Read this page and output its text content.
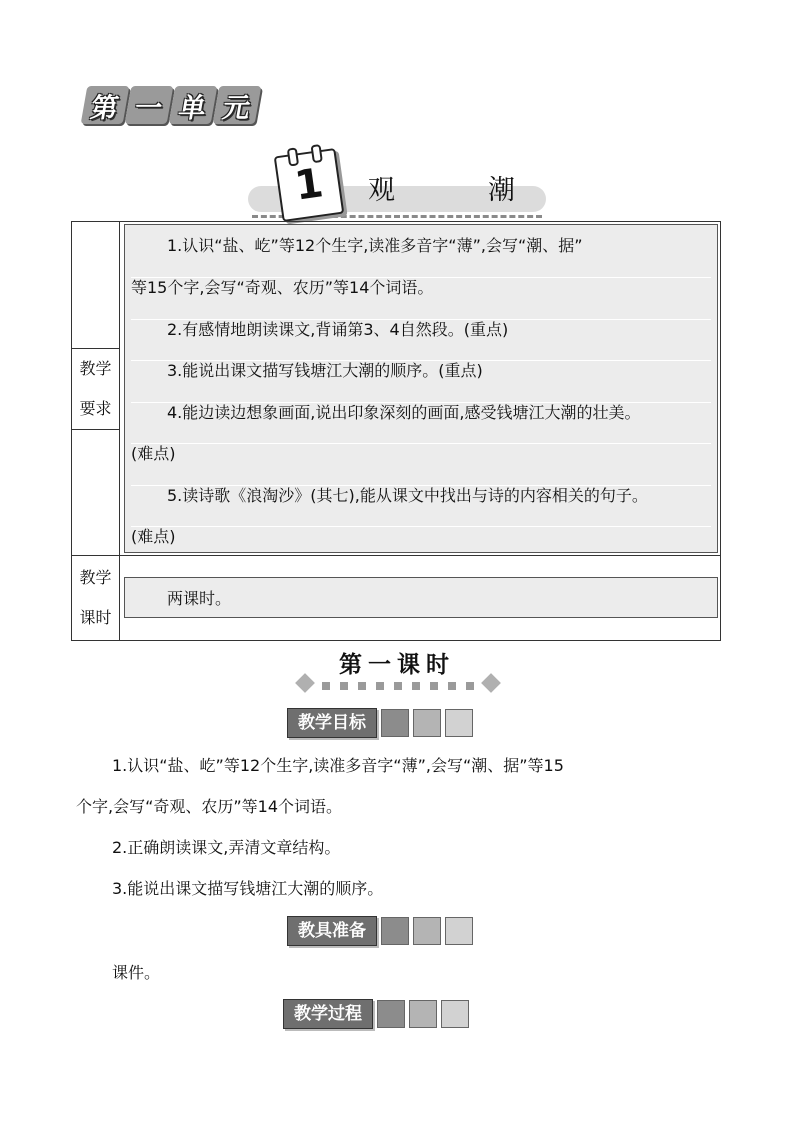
第 一 单 元
1	观	潮
教学
要求
1.认识“盐、屹”等12个生字,读准多音字“薄”,会写“潮、据”
等15个字,会写“奇观、农历”等14个词语。
2.有感情地朗读课文,背诵第3、4自然段。(重点)
3.能说出课文描写钱塘江大潮的顺序。(重点)
4.能边读边想象画面,说出印象深刻的画面,感受钱塘江大潮的壮美。
(难点)
5.读诗歌《浪淘沙》(其七),能从课文中找出与诗的内容相关的句子。
(难点)
教学
课时
两课时。
第一课时
教学目标
1.认识“盐、屹”等12个生字,读准多音字“薄”,会写“潮、据”等15
个字,会写“奇观、农历”等14个词语。
2.正确朗读课文,弄清文章结构。
3.能说出课文描写钱塘江大潮的顺序。
教具准备
课件。
教学过程
